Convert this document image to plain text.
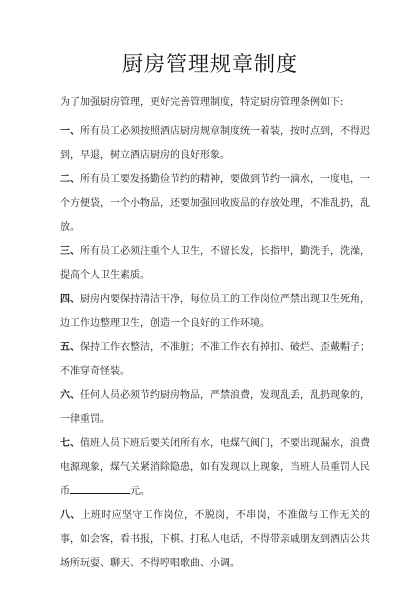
厨房管理规章制度
为了加强厨房管理，更好完善管理制度，特定厨房管理条例如下:
一、所有员工必须按照酒店厨房规章制度统一着装，按时点到，不得迟到，早退，树立酒店厨房的良好形象。
二、所有员工要发扬勤俭节约的精神，要做到节约一滴水，一度电，一个方便袋，一个小物品，还要加强回收废品的存放处理，不准乱扔，乱放。
三、所有员工必须注重个人卫生，不留长发，长指甲，勤洗手，洗澡，提高个人卫生素质。
四、厨房内要保持清洁干净，每位员工的工作岗位严禁出现卫生死角，边工作边整理卫生，创造一个良好的工作环境。
五、保持工作衣整洁，不准脏；不准工作衣有掉扣、破烂、歪戴帽子；不准穿奇怪装。
六、任何人员必须节约厨房物品，严禁浪费，发现乱丢，乱扔现象的，一律重罚。
七、值班人员下班后要关闭所有水，电煤气阀门，不要出现漏水，浪费电源现象，煤气关紧消除隐患，如有发现以上现象，当班人员重罚人民
币	元。
八、上班时应坚守工作岗位，不脱岗，不串岗，不准做与工作无关的事，如会客，看书报，下棋、打私人电话，不得带亲戚朋友到酒店公共场所玩耍、聊天、不得哼唱歌曲、小调。
